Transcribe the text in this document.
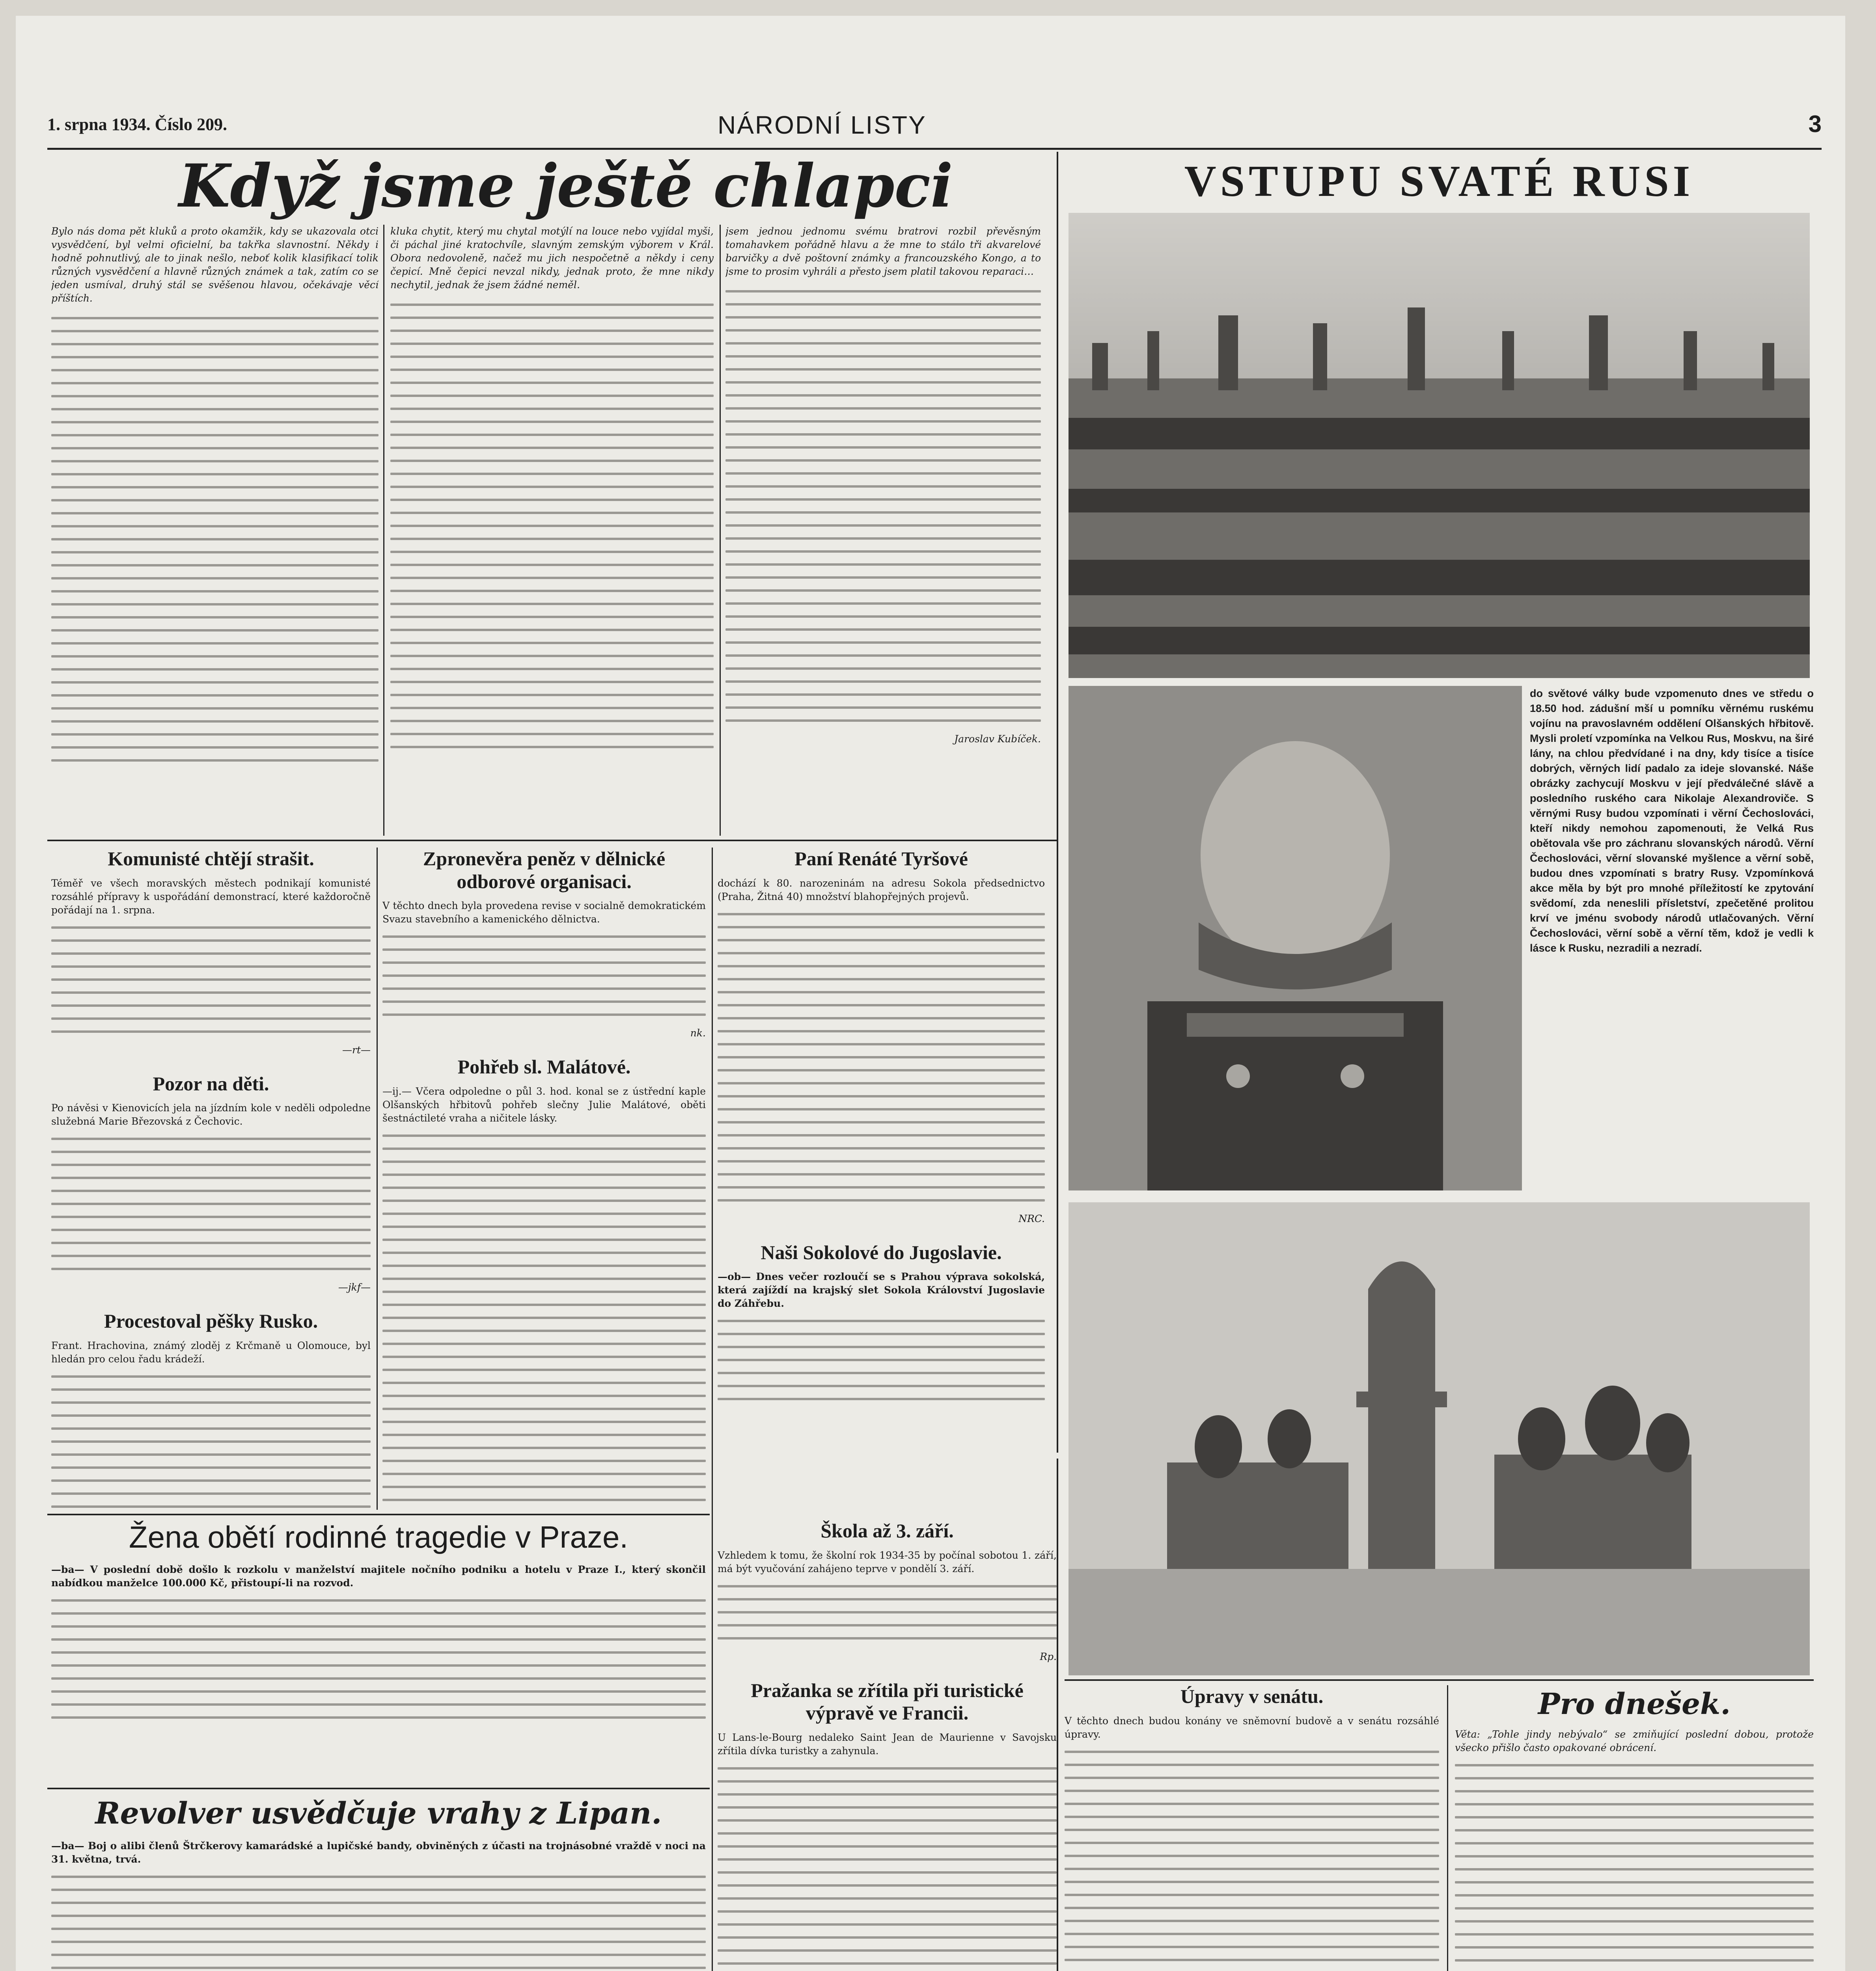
1. srpna 1934. Číslo 209.	NÁRODNÍ LISTY	3
Když jsme ještě chlapci
Bylo nás doma pět kluků a proto okamžik, kdy se ukazovala otci vysvědčení, byl velmi oficielní, ba takřka slavnostní. Někdy i hodně pohnutlivý, ale to jinak nešlo, neboť kolik klasifikací tolik různých vysvědčení a hlavně různých známek a tak, zatím co se jeden usmíval, druhý stál se svěšenou hlavou, očekávaje věcí příštích.
kluka chytit, který mu chytal motýlí na louce nebo vyjídal myši, či páchal jiné kratochvíle, slavným zemským výborem v Král. Obora nedovoleně, načež mu jich nespočetně a někdy i ceny čepicí. Mně čepici nevzal nikdy, jednak proto, že mne nikdy nechytil, jednak že jsem žádné neměl.
jsem jednou jednomu svému bratrovi rozbil převěsným tomahavkem pořádně hlavu a že mne to stálo tři akvarelové barvičky a dvě poštovní známky a francouzského Kongo, a to jsme to prosim vyhráli a přesto jsem platil takovou reparaci…
Jaroslav Kubíček.
VSTUPU SVATÉ RUSI
do světové války bude vzpomenuto dnes ve středu o 18.50 hod. zádušní mší u pomníku věrnému ruskému vojínu na pravoslavném oddělení Olšanských hřbitově. Mysli proletí vzpomínka na Velkou Rus, Moskvu, na širé lány, na chlou předvídané i na dny, kdy tisíce a tisíce dobrých, věrných lidí padalo za ideje slovanské. Náše obrázky zachycují Moskvu v její předválečné slávě a posledního ruského cara Nikolaje Alexandroviče. S věrnými Rusy budou vzpomínati i věrní Čechoslováci, kteří nikdy nemohou zapomenouti, že Velká Rus obětovala vše pro záchranu slovanských národů. Věrní Čechoslováci, věrní slovanské myšlence a věrní sobě, budou dnes vzpomínati s bratry Rusy. Vzpomínková akce měla by být pro mnohé příležitostí ke zpytování svědomí, zda neneslili přísletství, zpečetěné prolitou krví ve jménu svobody národů utlačovaných. Věrní Čechoslováci, věrní sobě a věrní těm, kdož je vedli k lásce k Rusku, nezradili a nezradí.
Komunisté chtějí strašit.
Téměř ve všech moravských městech podnikají komunisté rozsáhlé přípravy k uspořádání demonstrací, které každoročně pořádají na 1. srpna.
—rt—
Pozor na děti.
Po návěsi v Kienovicích jela na jízdním kole v neděli odpoledne služebná Marie Březovská z Čechovic.
—jkf—
Procestoval pěšky Rusko.
Frant. Hrachovina, známý zloděj z Krčmaně u Olomouce, byl hledán pro celou řadu krádeží.
Zpronevěra peněz v dělnické odborové organisaci.
V těchto dnech byla provedena revise v socialně demokratickém Svazu stavebního a kamenického dělnictva.
nk.
Pohřeb sl. Malátové.
—ij.— Včera odpoledne o půl 3. hod. konal se z ústřední kaple Olšanských hřbitovů pohřeb slečny Julie Malátové, oběti šestnáctileté vraha a ničitele lásky.
Paní Renáté Tyršové
dochází k 80. narozeninám na adresu Sokola předsednictvo (Praha, Žitná 40) množství blahopřejných projevů.
NRC.
Naši Sokolové do Jugoslavie.
—ob— Dnes večer rozloučí se s Prahou výprava sokolská, která zajíždí na krajský slet Sokola Království Jugoslavie do Záhřebu.
Žena obětí rodinné tragedie v Praze.
—ba— V poslední době došlo k rozkolu v manželství majitele nočního podniku a hotelu v Praze I., který skončil nabídkou manželce 100.000 Kč, přistoupí-li na rozvod.
Revolver usvědčuje vrahy z Lipan.
—ba— Boj o alibi členů Štrčkerovy kamarádské a lupičské bandy, obviněných z účasti na trojnásobné vraždě v noci na 31. května, trvá.
Škola až 3. září.
Vzhledem k tomu, že školní rok 1934-35 by počínal sobotou 1. září, má být vyučování zahájeno teprve v pondělí 3. září.
Rp.
Pražanka se zřítila při turistické výpravě ve Francii.
U Lans-le-Bourg nedaleko Saint Jean de Maurienne v Savojsku zřítila dívka turistky a zahynula.
Úpravy v senátu.
V těchto dnech budou konány ve sněmovní budově a v senátu rozsáhlé úpravy.
Pro dnešek.
Věta: „Tohle jindy nebývalo“ se zmiňující poslední dobou, protože všecko přišlo často opakované obrácení.
